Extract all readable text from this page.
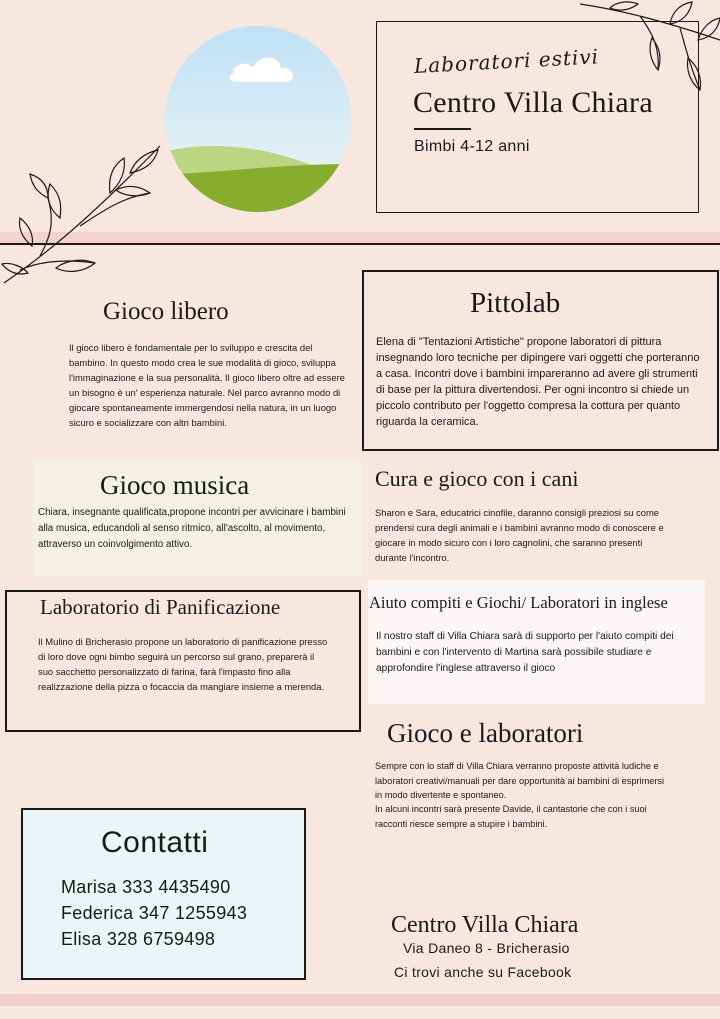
Laboratori estivi
Centro Villa Chiara
Bimbi 4-12 anni
Gioco libero
Il gioco libero è fondamentale per lo sviluppo e crescita del bambino. In questo modo crea le sue modalità di gioco, sviluppa l'immaginazione e la sua personalità. Il gioco libero oltre ad essere un bisogno è un' esperienza naturale. Nel parco avranno modo di giocare spontaneamente immergendosi nella natura, in un luogo sicuro e socializzare con altri bambini.
Pittolab
Elena di "Tentazioni Artistiche" propone laboratori di pittura insegnando loro tecniche per dipingere vari oggetti che porteranno a casa. Incontri dove i bambini impareranno ad avere gli strumenti di base per la pittura divertendosi. Per ogni incontro si chiede un piccolo contributo per l'oggetto compresa la cottura per quanto riguarda la ceramica.
Gioco musica
Chiara, insegnante qualificata,propone incontri per avvicinare i bambini alla musica, educandoli al senso ritmico, all'ascolto, al movimento, attraverso un coinvolgimento attivo.
Cura e gioco con i cani
Sharon e Sara, educatrici cinofile, daranno consigli preziosi su come prendersi cura degli animali e i bambini avranno modo di conoscere e giocare in modo sicuro con i loro cagnolini, che saranno presenti durante l'incontro.
Laboratorio di Panificazione
Il Mulino di Bricherasio propone un laboratorio di panificazione presso di loro dove ogni bimbo seguirà un percorso sul grano, preparerà il suo sacchetto personalizzato di farina, farà l'impasto fino alla realizzazione della pizza o focaccia da mangiare insieme a merenda.
Aiuto compiti e Giochi/ Laboratori in inglese
Il nostro staff di Villa Chiara sarà di supporto per l'aiuto compiti dei bambini e con l'intervento di Martina sarà possibile studiare e approfondire l'inglese attraverso il gioco
Gioco e laboratori
Sempre con lo staff di Villa Chiara verranno proposte attività ludiche e laboratori creativi/manuali per dare opportunità ai bambini di esprimersi in modo divertente e spontaneo.
In alcuni incontri sarà presente Davide, il cantastorie che con i suoi racconti riesce sempre a stupire i bambini.
Contatti
Marisa 333 4435490
Federica 347 1255943
Elisa 328 6759498
Centro Villa Chiara
Via Daneo 8 - Bricherasio
Ci trovi anche su Facebook
